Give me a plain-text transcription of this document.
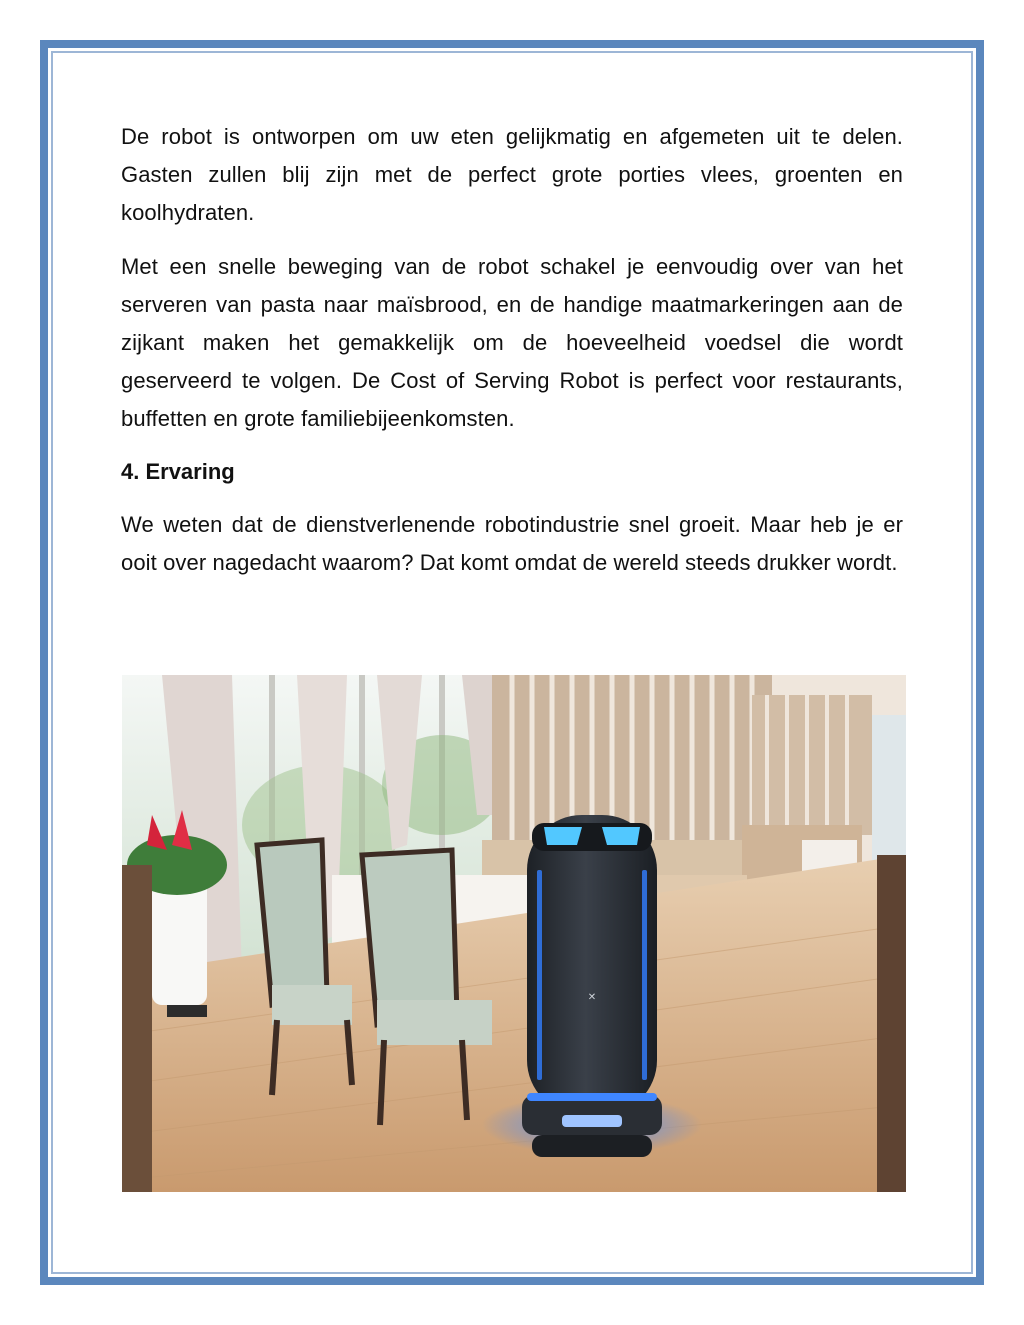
De robot is ontworpen om uw eten gelijkmatig en afgemeten uit te delen. Gasten zullen blij zijn met de perfect grote porties vlees, groenten en koolhydraten.

Met een snelle beweging van de robot schakel je eenvoudig over van het serveren van pasta naar maïsbrood, en de handige maatmarkeringen aan de zijkant maken het gemakkelijk om de hoeveelheid voedsel die wordt geserveerd te volgen. De Cost of Serving Robot is perfect voor restaurants, buffetten en grote familiebijeenkomsten.

4. Ervaring

We weten dat de dienstverlenende robotindustrie snel groeit. Maar heb je er ooit over nagedacht waarom? Dat komt omdat de wereld steeds drukker wordt.

✕
